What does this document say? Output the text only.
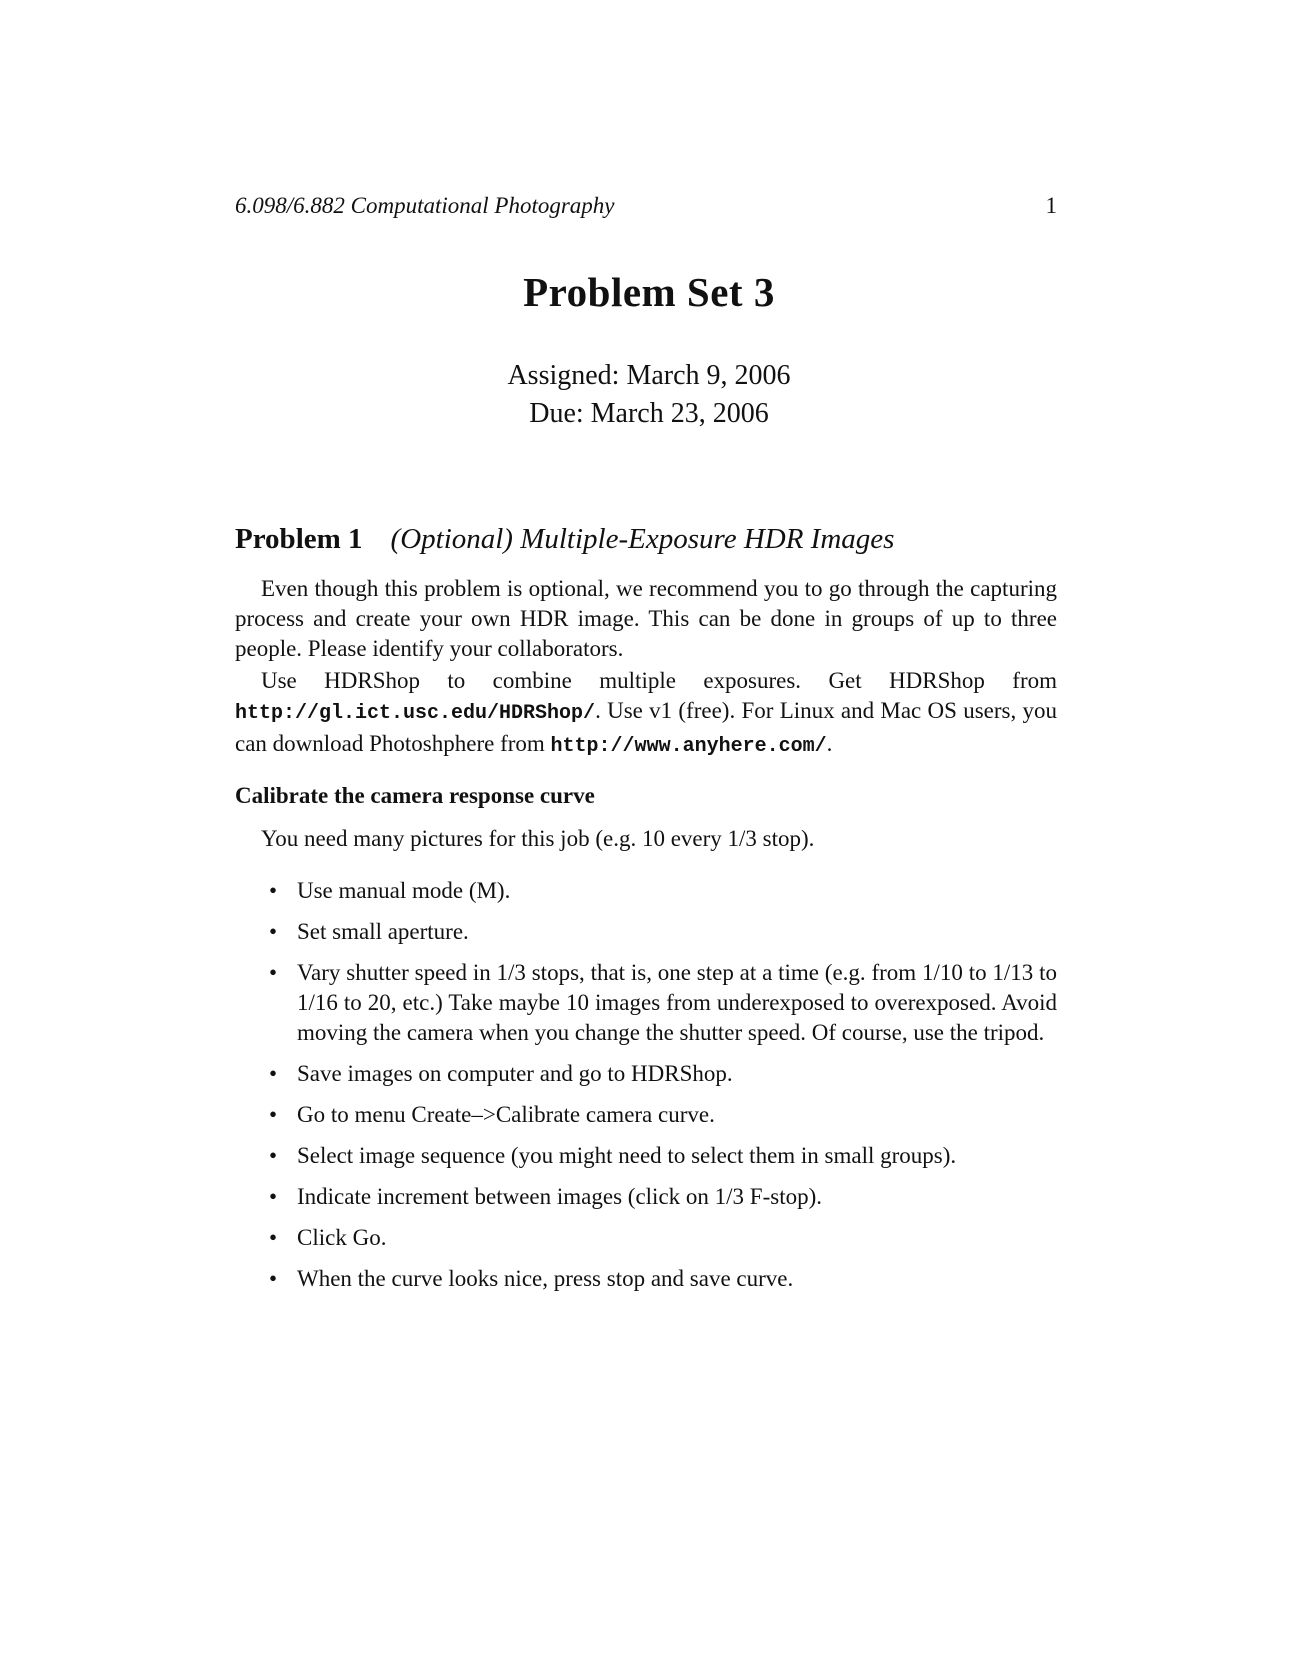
6.098/6.882 Computational Photography	1
Problem Set 3
Assigned: March 9, 2006
Due: March 23, 2006
Problem 1 (Optional) Multiple-Exposure HDR Images
Even though this problem is optional, we recommend you to go through the capturing process and create your own HDR image. This can be done in groups of up to three people. Please identify your collaborators.
Use HDRShop to combine multiple exposures. Get HDRShop from http://gl.ict.usc.edu/HDRShop/. Use v1 (free). For Linux and Mac OS users, you can download Photoshphere from http://www.anyhere.com/.
Calibrate the camera response curve
You need many pictures for this job (e.g. 10 every 1/3 stop).
• Use manual mode (M).
• Set small aperture.
• Vary shutter speed in 1/3 stops, that is, one step at a time (e.g. from 1/10 to 1/13 to 1/16 to 20, etc.) Take maybe 10 images from underexposed to overexposed. Avoid moving the camera when you change the shutter speed. Of course, use the tripod.
• Save images on computer and go to HDRShop.
• Go to menu Create–>Calibrate camera curve.
• Select image sequence (you might need to select them in small groups).
• Indicate increment between images (click on 1/3 F-stop).
• Click Go.
• When the curve looks nice, press stop and save curve.
